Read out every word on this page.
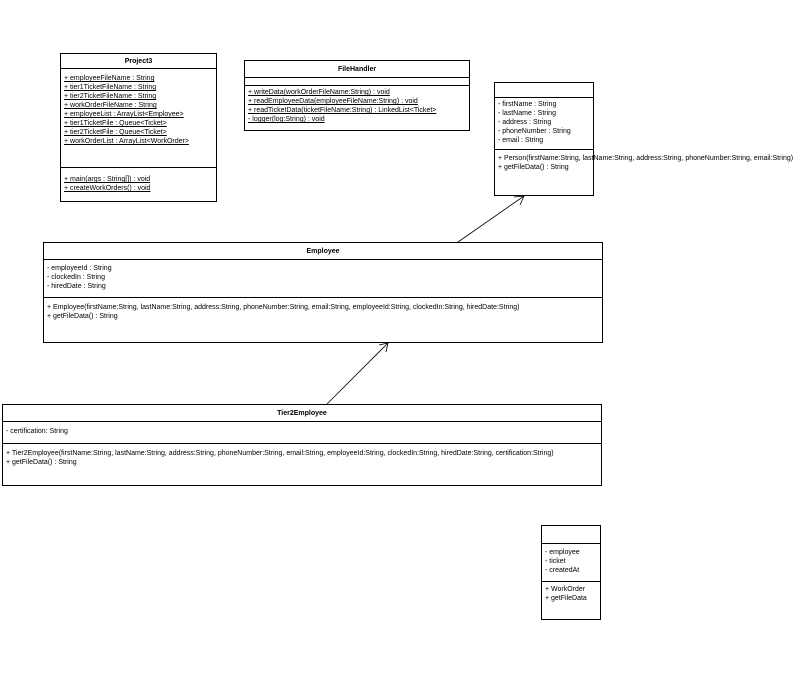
Project3
+ employeeFileName : String
+ tier1TicketFileName : String
+ tier2TicketFileName : String
+ workOrderFileName : String
+ employeeList : ArrayList<Employee>
+ tier1TicketFile : Queue<Ticket>
+ tier2TicketFile : Queue<Ticket>
+ workOrderList : ArrayList<WorkOrder>
+ main(args : String[]) : void
+ createWorkOrders() : void
FileHandler
+ writeData(workOrderFileName:String) : void
+ readEmployeeData(employeeFileName:String) : void
+ readTicketData(ticketFileName:String) : LinkedList<Ticket>
- logger(log:String) : void
- firstName : String
- lastName : String
- address : String
- phoneNumber : String
- email : String
+ Person(firstName:String, lastName:String, address:String, phoneNumber:String, email:String)
+ getFileData() : String
Employee
- employeeId : String
- clockedIn : String
- hiredDate : String
+ Employee(firstName:String, lastName:String, address:String, phoneNumber:String, email:String, employeeId:String, clockedIn:String, hiredDate:String)
+ getFileData() : String
Tier2Employee
- certification: String
+ Tier2Employee(firstName:String, lastName:String, address:String, phoneNumber:String, email:String, employeeId:String, clockedIn:String, hiredDate:String, certification:String)
+ getFileData() : String
- employee
- ticket
- createdAt
+ WorkOrder
+ getFileData
